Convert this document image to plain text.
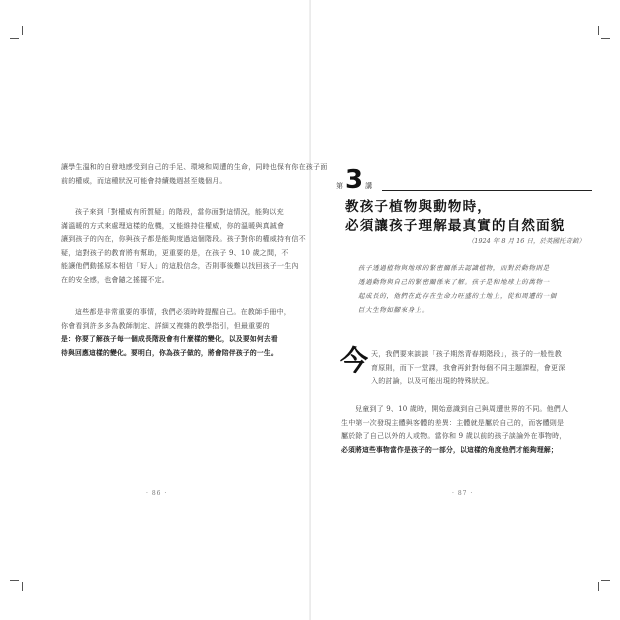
讓學生溫和的自發地感受到自己的手足、環境和周遭的生命，同時也保有你在孩子面
前的權威，而這種狀況可能會持續幾週甚至幾個月。
孩子來到「對權威有所質疑」的階段，當你面對這情況，能夠以充
滿溫暖的方式來處理這樣的危機，又能維持住權威，你的溫暖與真誠會
讓到孩子的內在，你與孩子都是能夠度過這個階段。孩子對你的權威持有信不
疑，這對孩子的教育將有幫助，更重要的是，在孩子 9、10 歲之間，不
能讓他們動搖原本相信「好人」的這股信念，否則事後難以找回孩子一生內
在的安全感，也會隨之搖擺不定。
這些都是非常重要的事情，我們必須時時提醒自己。在教師手冊中，
你會看到許多多為教師制定、詳細又複雜的教學指引，但最重要的
是：你要了解孩子每一個成長階段會有什麼樣的變化，以及要如何去看
待與回應這樣的變化。要明白，你為孩子做的，將會陪伴孩子的一生。
· 86 ·
第 3 講
教孩子植物與動物時，
必須讓孩子理解最真實的自然面貌
（1924 年 8 月 16 日，於英國托奇鎮）
孩子透過植物與地球的緊密關係去認識植物，而對於動物則是
透過動物與自己的緊密關係來了解。孩子是和地球上的萬物一
起成長的，他們在此存在生命力旺盛的土地上，從和周遭的一個
巨大生物如腳來身上。
今 天，我們要來談談「孩子期然青春期階段」，孩子的一般性教
育原則，而下一堂課，我會再針對每個不同主題課程，會更深
入的討論，以及可能出現的特殊狀況。
兒童到了 9、10 歲時，開始意識到自己與周遭世界的不同。他們人
生中第一次發現主體與客體的差異：主體就是屬於自己的，而客體則是
屬於除了自己以外的人或物。當你和 9 歲以前的孩子談論外在事物時，
必須將這些事物當作是孩子的一部分，以這樣的角度他們才能夠理解；
· 87 ·
